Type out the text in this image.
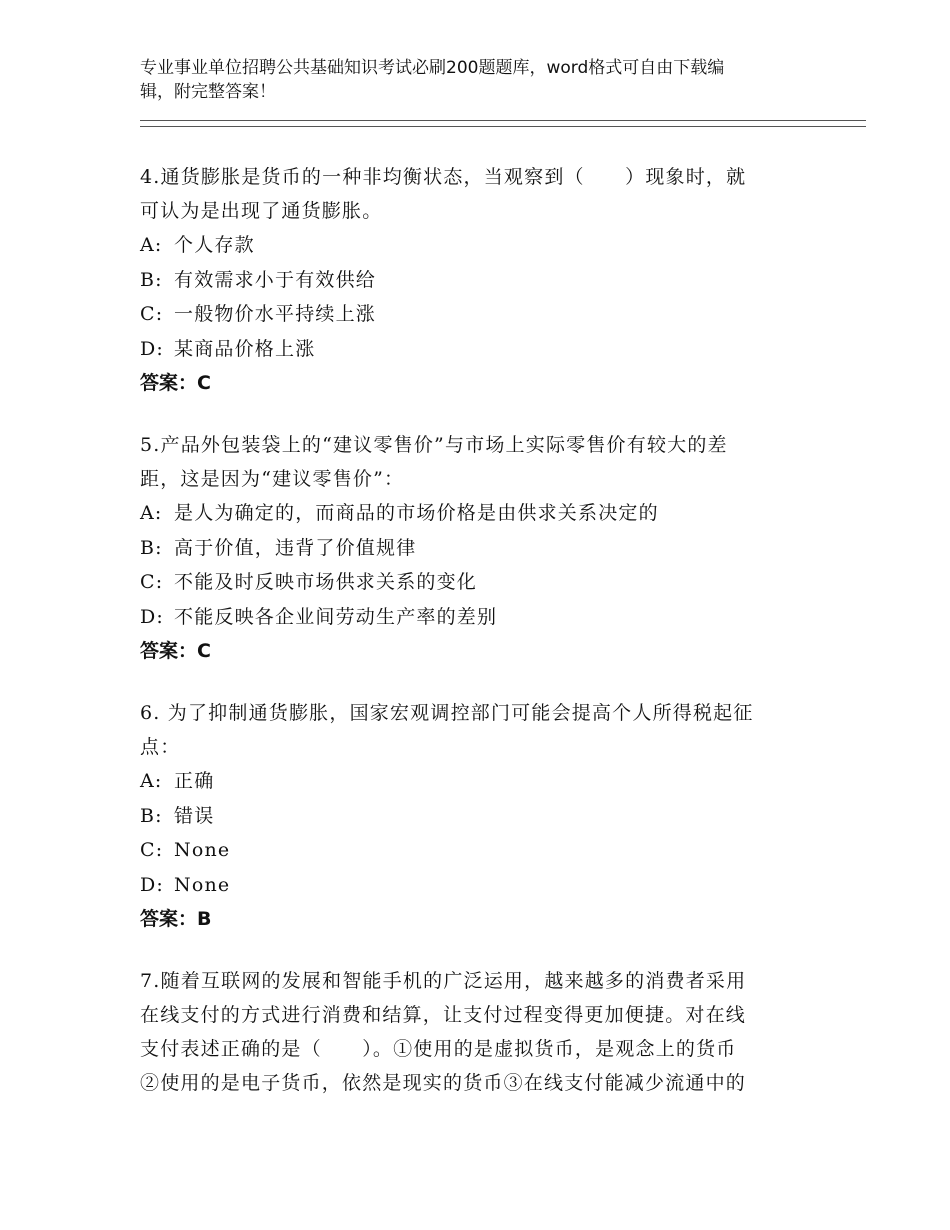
专业事业单位招聘公共基础知识考试必刷200题题库，word格式可自由下载编
辑，附完整答案！

4.通货膨胀是货币的一种非均衡状态，当观察到（　　）现象时，就
可认为是出现了通货膨胀。

A: 个人存款

B: 有效需求小于有效供给

C: 一般物价水平持续上涨

D: 某商品价格上涨

答案：C

5.产品外包装袋上的“建议零售价”与市场上实际零售价有较大的差
距，这是因为“建议零售价”：

A: 是人为确定的，而商品的市场价格是由供求关系决定的

B: 高于价值，违背了价值规律

C: 不能及时反映市场供求关系的变化

D: 不能反映各企业间劳动生产率的差别

答案：C

6. 为了抑制通货膨胀，国家宏观调控部门可能会提高个人所得税起征
点：

A: 正确

B: 错误

C: None

D: None

答案：B

7.随着互联网的发展和智能手机的广泛运用，越来越多的消费者采用
在线支付的方式进行消费和结算，让支付过程变得更加便捷。对在线
支付表述正确的是（　　）。①使用的是虚拟货币，是观念上的货币
②使用的是电子货币，依然是现实的货币③在线支付能减少流通中的
